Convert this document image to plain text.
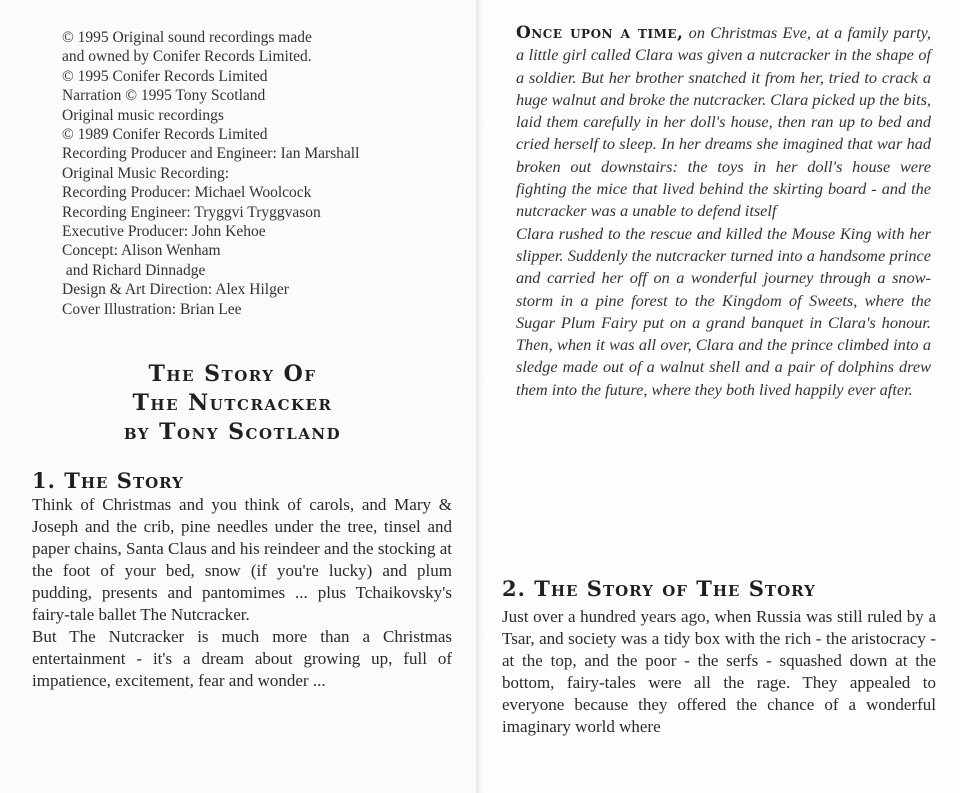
© 1995 Original sound recordings made
and owned by Conifer Records Limited.
© 1995 Conifer Records Limited
Narration © 1995 Tony Scotland
Original music recordings
© 1989 Conifer Records Limited
Recording Producer and Engineer: Ian Marshall
Original Music Recording:
Recording Producer: Michael Woolcock
Recording Engineer: Tryggvi Tryggvason
Executive Producer: John Kehoe
Concept: Alison Wenham
and Richard Dinnadge
Design & Art Direction: Alex Hilger
Cover Illustration: Brian Lee
The Story Of
The Nutcracker
by Tony Scotland
1. The Story

Think of Christmas and you think of carols, and Mary & Joseph and the crib, pine needles under the tree, tinsel and paper chains, Santa Claus and his reindeer and the stocking at the foot of your bed, snow (if you're lucky) and plum pudding, presents and pantomimes ... plus Tchaikovsky's fairy-tale ballet The Nutcracker.

But The Nutcracker is much more than a Christmas entertainment - it's a dream about growing up, full of impatience, excitement, fear and wonder ...

Once upon a time, on Christmas Eve, at a family party, a little girl called Clara was given a nutcracker in the shape of a soldier. But her brother snatched it from her, tried to crack a huge walnut and broke the nutcracker. Clara picked up the bits, laid them carefully in her doll's house, then ran up to bed and cried herself to sleep. In her dreams she imagined that war had broken out downstairs: the toys in her doll's house were fighting the mice that lived behind the skirting board - and the nutcracker was a unable to defend itself

Clara rushed to the rescue and killed the Mouse King with her slipper. Suddenly the nutcracker turned into a handsome prince and carried her off on a wonderful journey through a snow-storm in a pine forest to the Kingdom of Sweets, where the Sugar Plum Fairy put on a grand banquet in Clara's honour. Then, when it was all over, Clara and the prince climbed into a sledge made out of a walnut shell and a pair of dolphins drew them into the future, where they both lived happily ever after.

2. The Story of The Story

Just over a hundred years ago, when Russia was still ruled by a Tsar, and society was a tidy box with the rich - the aristocracy - at the top, and the poor - the serfs - squashed down at the bottom, fairy-tales were all the rage. They appealed to everyone because they offered the chance of a wonderful imaginary world where
